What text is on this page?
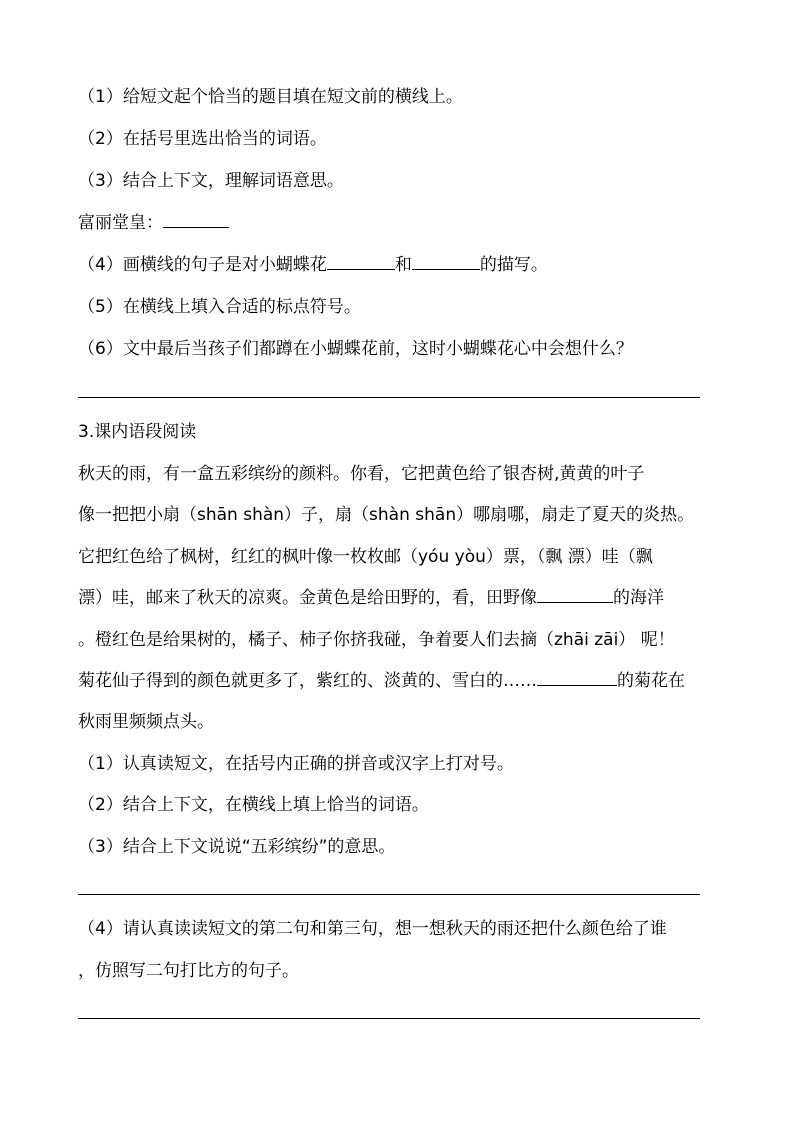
（1）给短文起个恰当的题目填在短文前的横线上。
（2）在括号里选出恰当的词语。
（3）结合上下文，理解词语意思。
富丽堂皇：
（4）画横线的句子是对小蝴蝶花	和	的描写。
（5）在横线上填入合适的标点符号。
（6）文中最后当孩子们都蹲在小蝴蝶花前，这时小蝴蝶花心中会想什么？
3.课内语段阅读
秋天的雨，有一盒五彩缤纷的颜料。你看，它把黄色给了银杏树,黄黄的叶子
像一把把小扇（shān shàn）子，扇（shàn shān）哪扇哪，扇走了夏天的炎热。
它把红色给了枫树，红红的枫叶像一枚枚邮（yóu yòu）票，（飘 漂）哇（飘
漂）哇，邮来了秋天的凉爽。金黄色是给田野的，看，田野像	的海洋
。橙红色是给果树的，橘子、柿子你挤我碰，争着要人们去摘（zhāi zāi） 呢！
菊花仙子得到的颜色就更多了，紫红的、淡黄的、雪白的……	的菊花在
秋雨里频频点头。
（1）认真读短文，在括号内正确的拼音或汉字上打对号。
（2）结合上下文，在横线上填上恰当的词语。
（3）结合上下文说说“五彩缤纷”的意思。
（4）请认真读读短文的第二句和第三句，想一想秋天的雨还把什么颜色给了谁
，仿照写二句打比方的句子。
